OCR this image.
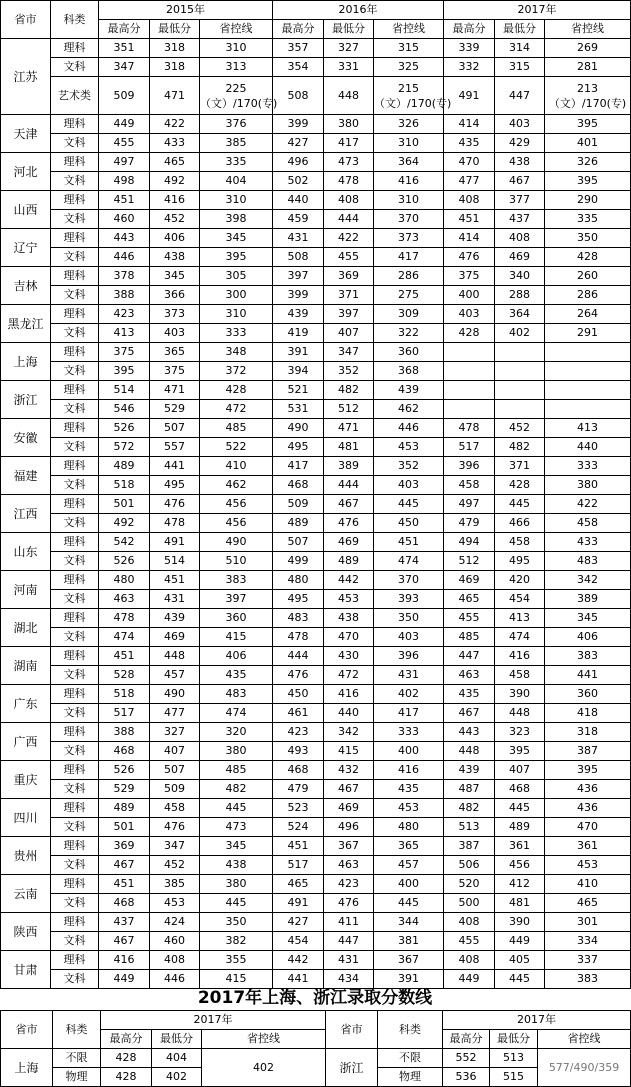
省市	科类	2015年			2016年			2017年		
		最高分	最低分	省控线	最高分	最低分	省控线	最高分	最低分	省控线
江苏	理科	351	318	310	357	327	315	339	314	269
	文科	347	318	313	354	331	325	332	315	281
	艺术类	509	471	225（文）/170(专)	508	448	215（文）/170(专)	491	447	213（文）/170(专)
天津	理科	449	422	376	399	380	326	414	403	395
	文科	455	433	385	427	417	310	435	429	401
河北	理科	497	465	335	496	473	364	470	438	326
	文科	498	492	404	502	478	416	477	467	395
山西	理科	451	416	310	440	408	310	408	377	290
	文科	460	452	398	459	444	370	451	437	335
辽宁	理科	443	406	345	431	422	373	414	408	350
	文科	446	438	395	508	455	417	476	469	428
吉林	理科	378	345	305	397	369	286	375	340	260
	文科	388	366	300	399	371	275	400	288	286
黑龙江	理科	423	373	310	439	397	309	403	364	264
	文科	413	403	333	419	407	322	428	402	291
上海	理科	375	365	348	391	347	360			
	文科	395	375	372	394	352	368			
浙江	理科	514	471	428	521	482	439			
	文科	546	529	472	531	512	462			
安徽	理科	526	507	485	490	471	446	478	452	413
	文科	572	557	522	495	481	453	517	482	440
福建	理科	489	441	410	417	389	352	396	371	333
	文科	518	495	462	468	444	403	458	428	380
江西	理科	501	476	456	509	467	445	497	445	422
	文科	492	478	456	489	476	450	479	466	458
山东	理科	542	491	490	507	469	451	494	458	433
	文科	526	514	510	499	489	474	512	495	483
河南	理科	480	451	383	480	442	370	469	420	342
	文科	463	431	397	495	453	393	465	454	389
湖北	理科	478	439	360	483	438	350	455	413	345
	文科	474	469	415	478	470	403	485	474	406
湖南	理科	451	448	406	444	430	396	447	416	383
	文科	528	457	435	476	472	431	463	458	441
广东	理科	518	490	483	450	416	402	435	390	360
	文科	517	477	474	461	440	417	467	448	418
广西	理科	388	327	320	423	342	333	443	323	318
	文科	468	407	380	493	415	400	448	395	387
重庆	理科	526	507	485	468	432	416	439	407	395
	文科	529	509	482	479	467	435	487	468	436
四川	理科	489	458	445	523	469	453	482	445	436
	文科	501	476	473	524	496	480	513	489	470
贵州	理科	369	347	345	451	367	365	387	361	361
	文科	467	452	438	517	463	457	506	456	453
云南	理科	451	385	380	465	423	400	520	412	410
	文科	468	453	445	491	476	445	500	481	465
陕西	理科	437	424	350	427	411	344	408	390	301
	文科	467	460	382	454	447	381	455	449	334
甘肃	理科	416	408	355	442	431	367	408	405	337
	文科	449	446	415	441	434	391	449	445	383
2017年上海、浙江录取分数线
省市	科类	2017年			省市	科类	2017年		
		最高分	最低分	省控线			最高分	最低分	省控线
上海	不限	428	404	402	浙江	不限	552	513	577/490/359
	物理	428	402			物理	536	515	
